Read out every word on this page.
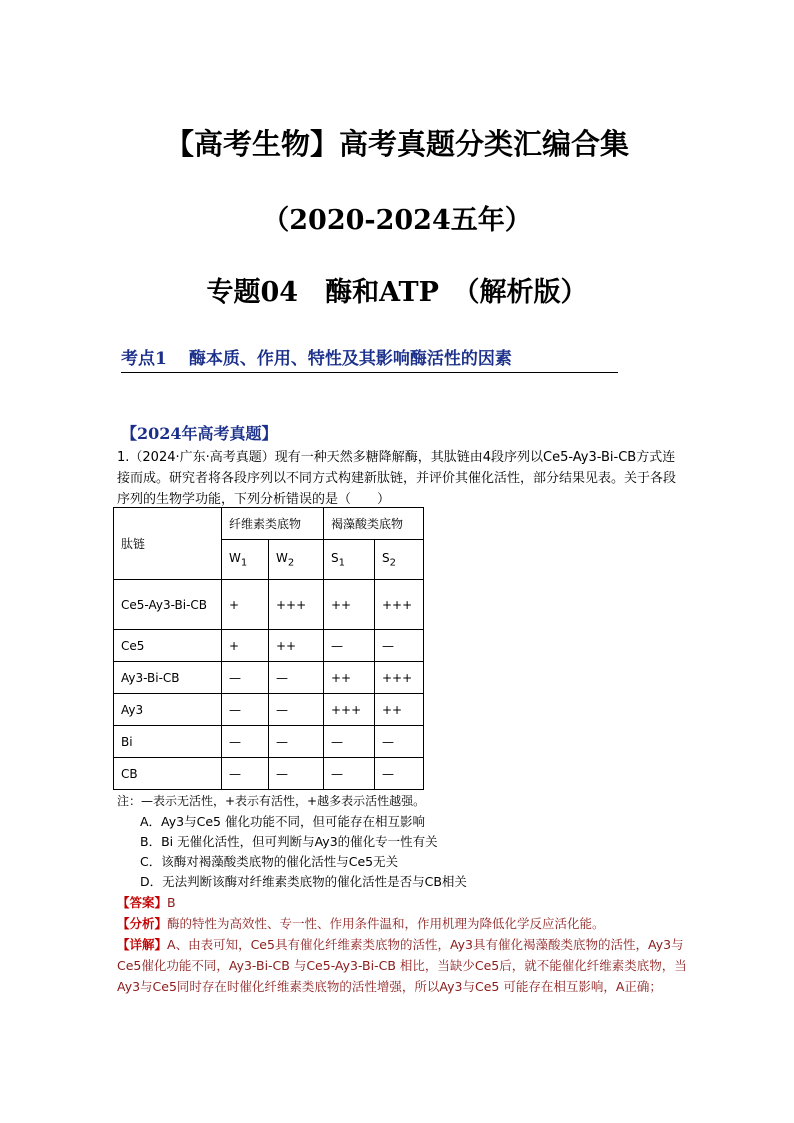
【高考生物】高考真题分类汇编合集
（2020-2024五年）
专题04　酶和ATP　（解析版）
考点1 酶本质、作用、特性及其影响酶活性的因素
【2024年高考真题】
1.（2024·广东·高考真题）现有一种天然多糖降解酶，其肽链由4段序列以Ce5-Ay3-Bi-CB方式连接而成。研究者将各段序列以不同方式构建新肽链，并评价其催化活性，部分结果见表。关于各段序列的生物学功能，下列分析错误的是（　　）
肽链	纤维素类底物		褐藻酸类底物	
	$W_1$	$W_2$	$S_1$	$S_2$
Ce5-Ay3-Bi-CB	+	+++	++	+++
Ce5	+	++	—	—
Ay3-Bi-CB	—	—	++	+++
Ay3	—	—	+++	++
Bi	—	—	—	—
CB	—	—	—	—
注：—表示无活性，+表示有活性，+越多表示活性越强。
A．Ay3与Ce5 催化功能不同，但可能存在相互影响
B．Bi 无催化活性，但可判断与Ay3的催化专一性有关
C．该酶对褐藻酸类底物的催化活性与Ce5无关
D．无法判断该酶对纤维素类底物的催化活性是否与CB相关
【答案】B
【分析】酶的特性为高效性、专一性、作用条件温和，作用机理为降低化学反应活化能。
【详解】A、由表可知，Ce5具有催化纤维素类底物的活性，Ay3具有催化褐藻酸类底物的活性，Ay3与Ce5催化功能不同，Ay3-Bi-CB 与Ce5-Ay3-Bi-CB 相比，当缺少Ce5后，就不能催化纤维素类底物，当Ay3与Ce5同时存在时催化纤维素类底物的活性增强，所以Ay3与Ce5 可能存在相互影响，A正确；
